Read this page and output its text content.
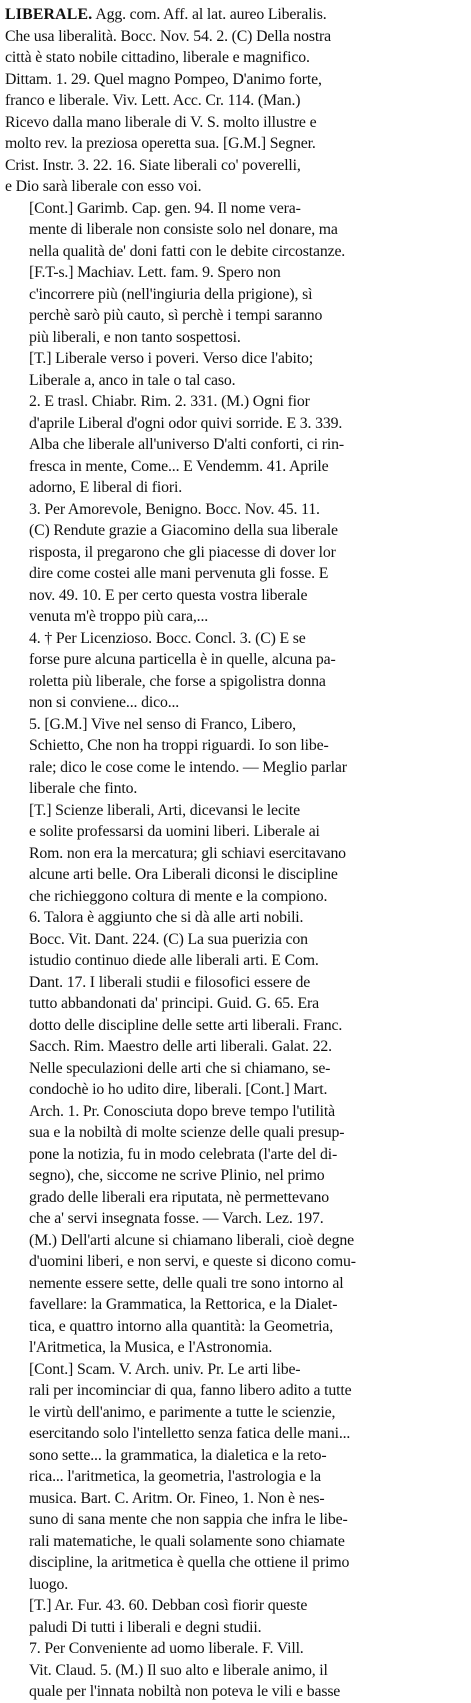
LIBERALE. Agg. com. Aff. al lat. aureo Liberalis.
Che usa liberalità. Bocc. Nov. 54. 2. (C) Della nostra
città è stato nobile cittadino, liberale e magnifico.
Dittam. 1. 29. Quel magno Pompeo, D'animo forte,
franco e liberale. Viv. Lett. Acc. Cr. 114. (Man.)
Ricevo dalla mano liberale di V. S. molto illustre e
molto rev. la preziosa operetta sua. [G.M.] Segner.
Crist. Instr. 3. 22. 16. Siate liberali co' poverelli,
e Dio sarà liberale con esso voi.
[Cont.] Garimb. Cap. gen. 94. Il nome vera-
mente di liberale non consiste solo nel donare, ma
nella qualità de' doni fatti con le debite circostanze.
[F.T-s.] Machiav. Lett. fam. 9. Spero non
c'incorrere più (nell'ingiuria della prigione), sì
perchè sarò più cauto, sì perchè i tempi saranno
più liberali, e non tanto sospettosi.
[T.] Liberale verso i poveri. Verso dice l'abito;
Liberale a, anco in tale o tal caso.
2. E trasl. Chiabr. Rim. 2. 331. (M.) Ogni fior
d'aprile Liberal d'ogni odor quivi sorride. E 3. 339.
Alba che liberale all'universo D'alti conforti, ci rin-
fresca in mente, Come... E Vendemm. 41. Aprile
adorno, E liberal di fiori.
3. Per Amorevole, Benigno. Bocc. Nov. 45. 11.
(C) Rendute grazie a Giacomino della sua liberale
risposta, il pregarono che gli piacesse di dover lor
dire come costei alle mani pervenuta gli fosse. E
nov. 49. 10. E per certo questa vostra liberale
venuta m'è troppo più cara,...
4. † Per Licenzioso. Bocc. Concl. 3. (C) E se
forse pure alcuna particella è in quelle, alcuna pa-
roletta più liberale, che forse a spigolistra donna
non si conviene... dico...
5. [G.M.] Vive nel senso di Franco, Libero,
Schietto, Che non ha troppi riguardi. Io son libe-
rale; dico le cose come le intendo. — Meglio parlar
liberale che finto.
[T.] Scienze liberali, Arti, dicevansi le lecite
e solite professarsi da uomini liberi. Liberale ai
Rom. non era la mercatura; gli schiavi esercitavano
alcune arti belle. Ora Liberali diconsi le discipline
che richieggono coltura di mente e la compiono.
6. Talora è aggiunto che si dà alle arti nobili.
Bocc. Vit. Dant. 224. (C) La sua puerizia con
istudio continuo diede alle liberali arti. E Com.
Dant. 17. I liberali studii e filosofici essere de
tutto abbandonati da' principi. Guid. G. 65. Era
dotto delle discipline delle sette arti liberali. Franc.
Sacch. Rim. Maestro delle arti liberali. Galat. 22.
Nelle speculazioni delle arti che si chiamano, se-
condochè io ho udito dire, liberali. [Cont.] Mart.
Arch. 1. Pr. Conosciuta dopo breve tempo l'utilità
sua e la nobiltà di molte scienze delle quali presup-
pone la notizia, fu in modo celebrata (l'arte del di-
segno), che, siccome ne scrive Plinio, nel primo
grado delle liberali era riputata, nè permettevano
che a' servi insegnata fosse. — Varch. Lez. 197.
(M.) Dell'arti alcune si chiamano liberali, cioè degne
d'uomini liberi, e non servi, e queste si dicono comu-
nemente essere sette, delle quali tre sono intorno al
favellare: la Grammatica, la Rettorica, e la Dialet-
tica, e quattro intorno alla quantità: la Geometria,
l'Aritmetica, la Musica, e l'Astronomia.
[Cont.] Scam. V. Arch. univ. Pr. Le arti libe-
rali per incominciar di qua, fanno libero adito a tutte
le virtù dell'animo, e parimente a tutte le scienzie,
esercitando solo l'intelletto senza fatica delle mani...
sono sette... la grammatica, la dialetica e la reto-
rica... l'aritmetica, la geometria, l'astrologia e la
musica. Bart. C. Aritm. Or. Fineo, 1. Non è nes-
suno di sana mente che non sappia che infra le libe-
rali matematiche, le quali solamente sono chiamate
discipline, la aritmetica è quella che ottiene il primo
luogo.
[T.] Ar. Fur. 43. 60. Debban così fiorir queste
paludi Di tutti i liberali e degni studii.
7. Per Conveniente ad uomo liberale. F. Vill.
Vit. Claud. 5. (M.) Il suo alto e liberale animo, il
quale per l'innata nobiltà non poteva le vili e basse
